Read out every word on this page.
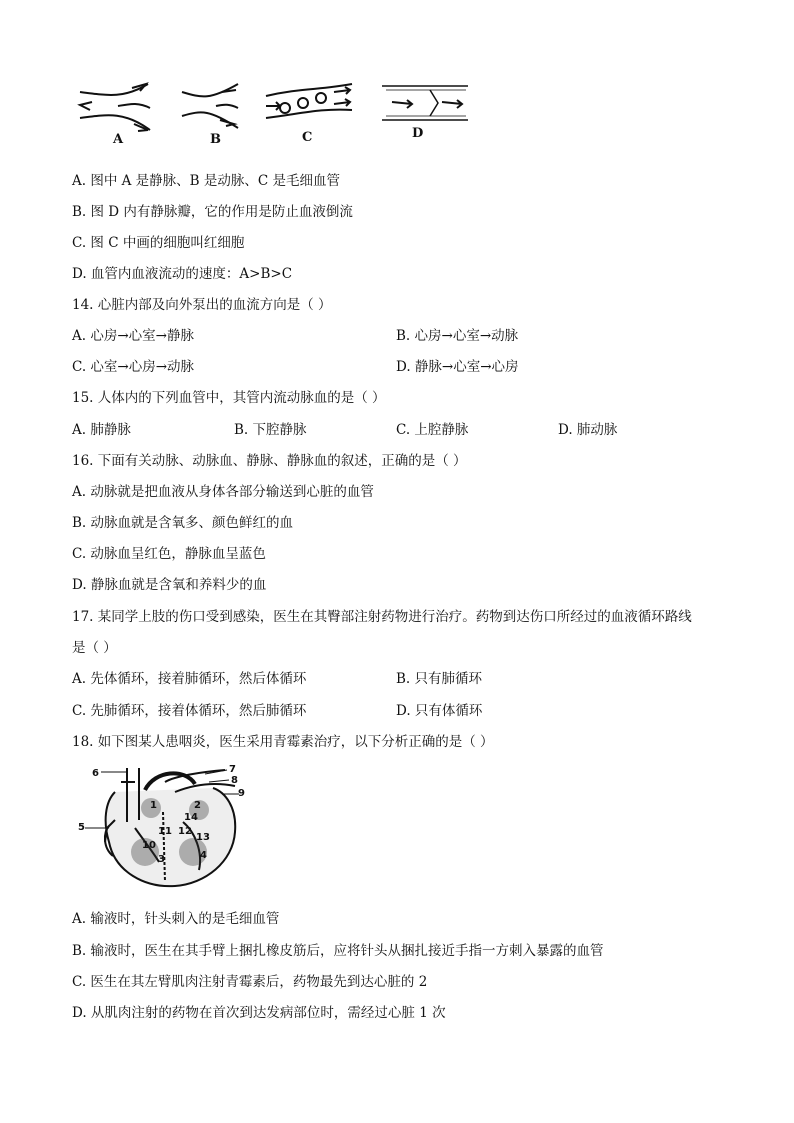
A	B	C	D
A. 图中 A 是静脉、B 是动脉、C 是毛细血管
B. 图 D 内有静脉瓣，它的作用是防止血液倒流
C. 图 C 中画的细胞叫红细胞
D. 血管内血液流动的速度：A>B>C
14. 心脏内部及向外泵出的血流方向是（ ）
A. 心房→心室→静脉	B. 心房→心室→动脉
C. 心室→心房→动脉	D. 静脉→心室→心房
15. 人体内的下列血管中，其管内流动脉血的是（ ）
A. 肺静脉	B. 下腔静脉	C. 上腔静脉	D. 肺动脉
16. 下面有关动脉、动脉血、静脉、静脉血的叙述，正确的是（ ）
A. 动脉就是把血液从身体各部分输送到心脏的血管
B. 动脉血就是含氧多、颜色鲜红的血
C. 动脉血呈红色，静脉血呈蓝色
D. 静脉血就是含氧和养料少的血
17. 某同学上肢的伤口受到感染，医生在其臀部注射药物进行治疗。药物到达伤口所经过的血液循环路线
是（ ）
A. 先体循环，接着肺循环，然后体循环	B. 只有肺循环
C. 先肺循环，接着体循环，然后肺循环	D. 只有体循环
18. 如下图某人患咽炎，医生采用青霉素治疗，以下分析正确的是（ ）
6	7
8
9
5
1	2
11 12
13
14
10
3	4
A. 输液时，针头刺入的是毛细血管
B. 输液时，医生在其手臂上捆扎橡皮筋后，应将针头从捆扎接近手指一方刺入暴露的血管
C. 医生在其左臂肌肉注射青霉素后，药物最先到达心脏的 2
D. 从肌肉注射的药物在首次到达发病部位时，需经过心脏 1 次
